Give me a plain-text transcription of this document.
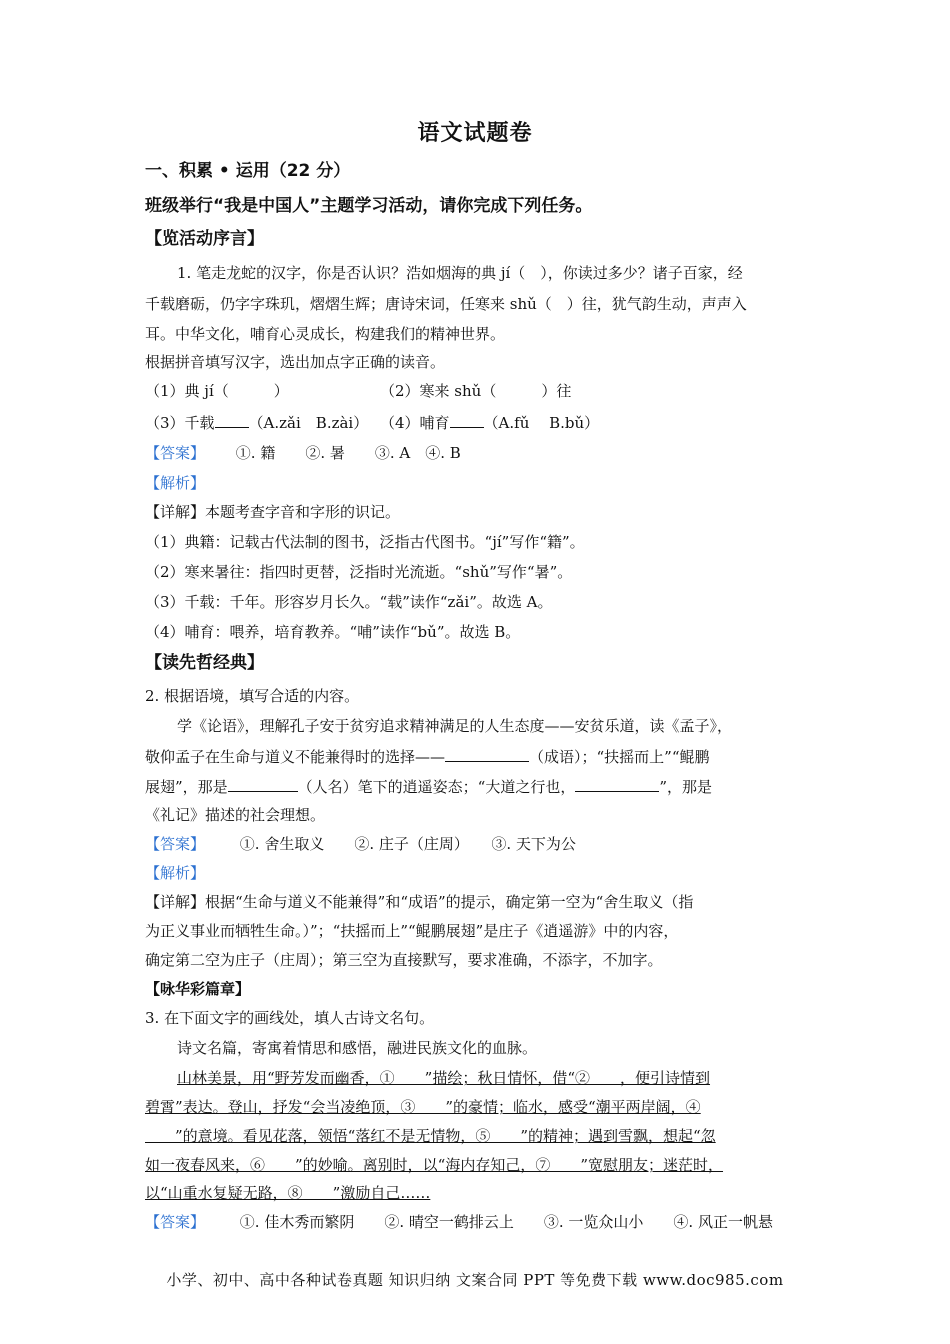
语文试题卷
一、积累 • 运用（22 分）
班级举行“我是中国人”主题学习活动，请你完成下列任务。
【览活动序言】
1. 笔走龙蛇的汉字，你是否认识？浩如烟海的典 jí（　），你读过多少？诸子百家，经
千载磨砺，仍字字珠玑，熠熠生辉；唐诗宋词，任寒来 shǔ（　）往，犹气韵生动，声声入
耳。中华文化，哺育心灵成长，构建我们的精神世界。
根据拼音填写汉字，选出加点字正确的读音。
（1）典 jí（　　　）	（2）寒来 shǔ（　　　）往
（3）千载 （A.zǎi　B.zài） （4）哺育 （A.fǔ　 B.bǔ）
【答案】 ①. 籍　　②. 暑　　③. A　④. B
【解析】
【详解】本题考查字音和字形的识记。
（1）典籍：记载古代法制的图书，泛指古代图书。“jí”写作“籍”。
（2）寒来暑往：指四时更替，泛指时光流逝。“shǔ”写作“暑”。
（3）千载：千年。形容岁月长久。“载”读作“zǎi”。故选 A。
（4）哺育：喂养，培育教养。“哺”读作“bǔ”。故选 B。
【读先哲经典】
2. 根据语境，填写合适的内容。
学《论语》，理解孔子安于贫穷追求精神满足的人生态度——安贫乐道，读《孟子》，
敬仰孟子在生命与道义不能兼得时的选择——	（成语）；“扶摇而上”“鲲鹏
展翅”，那是	（人名）笔下的逍遥姿态；“大道之行也，	”，那是
《礼记》描述的社会理想。
【答案】 ①. 舍生取义　　②. 庄子（庄周）　　③. 天下为公
【解析】
【详解】根据“生命与道义不能兼得”和“成语”的提示，确定第一空为“舍生取义（指
为正义事业而牺牲生命。）”；“扶摇而上”“鲲鹏展翅”是庄子《逍遥游》中的内容，
确定第二空为庄子（庄周）；第三空为直接默写，要求准确，不添字，不加字。
【咏华彩篇章】
3. 在下面文字的画线处，填人古诗文名句。
诗文名篇，寄寓着情思和感悟，融进民族文化的血脉。
山林美景，用“野芳发而幽香，①　　”描绘；秋日情怀，借“②　　，便引诗情到
碧霄”表达。登山，抒发“会当凌绝顶，③　　”的豪情；临水，感受“潮平两岸阔，④
　　”的意境。看见花落，领悟“落红不是无情物，⑤　　”的精神；遇到雪飘，想起“忽
如一夜春风来，⑥　　”的妙喻。离别时，以“海内存知己，⑦　　”宽慰朋友；迷茫时，
以“山重水复疑无路，⑧　　”激励自己……
【答案】 ①. 佳木秀而繁阴　　②. 晴空一鹤排云上　　③. 一览众山小　　④. 风正一帆悬
小学、初中、高中各种试卷真题 知识归纳 文案合同 PPT 等免费下载 www.doc985.com
